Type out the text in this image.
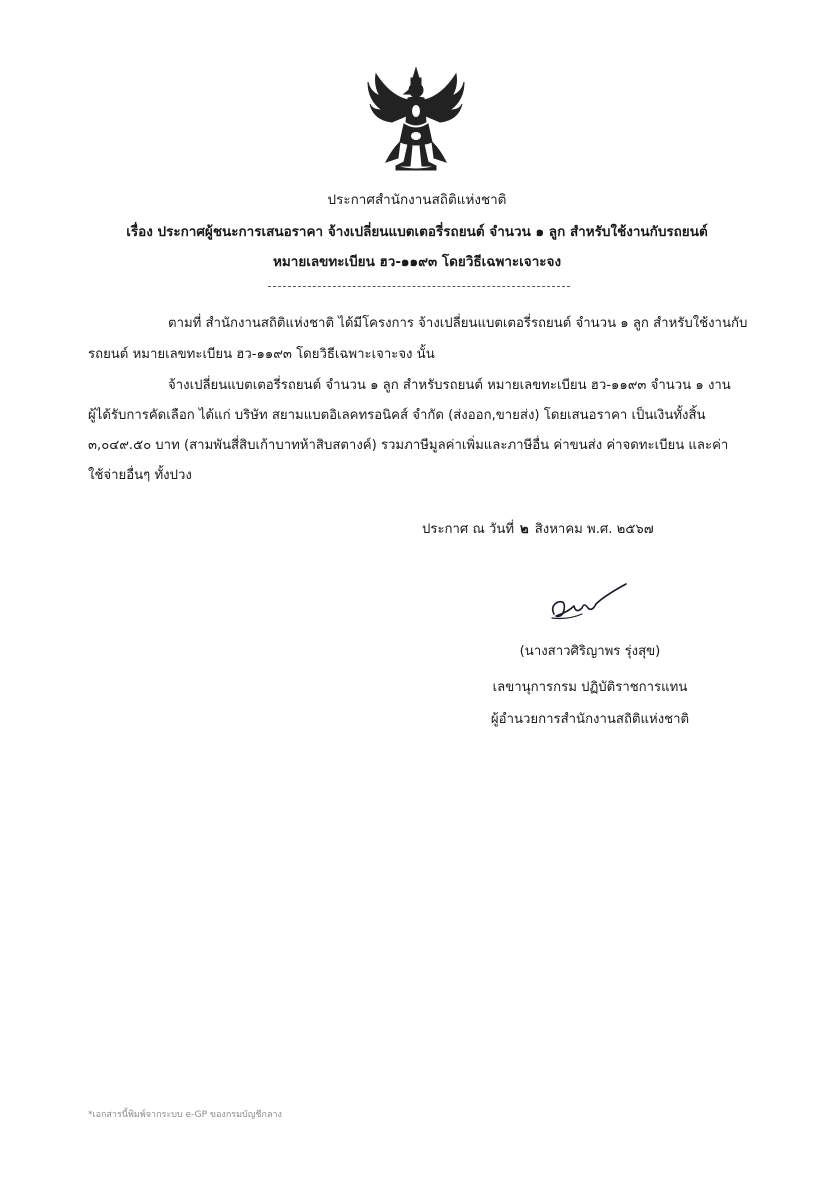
ประกาศสำนักงานสถิติแห่งชาติ
เรื่อง ประกาศผู้ชนะการเสนอราคา จ้างเปลี่ยนแบตเตอรี่รถยนต์ จำนวน ๑ ลูก สำหรับใช้งานกับรถยนต์
หมายเลขทะเบียน ฮว-๑๑๙๓ โดยวิธีเฉพาะเจาะจง
ตามที่ สำนักงานสถิติแห่งชาติ ได้มีโครงการ จ้างเปลี่ยนแบตเตอรี่รถยนต์ จำนวน ๑ ลูก สำหรับใช้งานกับ
รถยนต์ หมายเลขทะเบียน ฮว-๑๑๙๓ โดยวิธีเฉพาะเจาะจง นั้น
จ้างเปลี่ยนแบตเตอรี่รถยนต์ จำนวน ๑ ลูก สำหรับรถยนต์ หมายเลขทะเบียน ฮว-๑๑๙๓ จำนวน ๑ งาน
ผู้ได้รับการคัดเลือก ได้แก่ บริษัท สยามแบตอิเลคทรอนิคส์ จำกัด (ส่งออก,ขายส่ง) โดยเสนอราคา เป็นเงินทั้งสิ้น
๓,๐๔๙.๕๐ บาท (สามพันสี่สิบเก้าบาทห้าสิบสตางค์) รวมภาษีมูลค่าเพิ่มและภาษีอื่น ค่าขนส่ง ค่าจดทะเบียน และค่า
ใช้จ่ายอื่นๆ ทั้งปวง
ประกาศ ณ วันที่ ๒ สิงหาคม พ.ศ. ๒๕๖๗
(นางสาวศิริญาพร รุ่งสุข)
เลขานุการกรม ปฏิบัติราชการแทน
ผู้อำนวยการสำนักงานสถิติแห่งชาติ
*เอกสารนี้พิมพ์จากระบบ e-GP ของกรมบัญชีกลาง
